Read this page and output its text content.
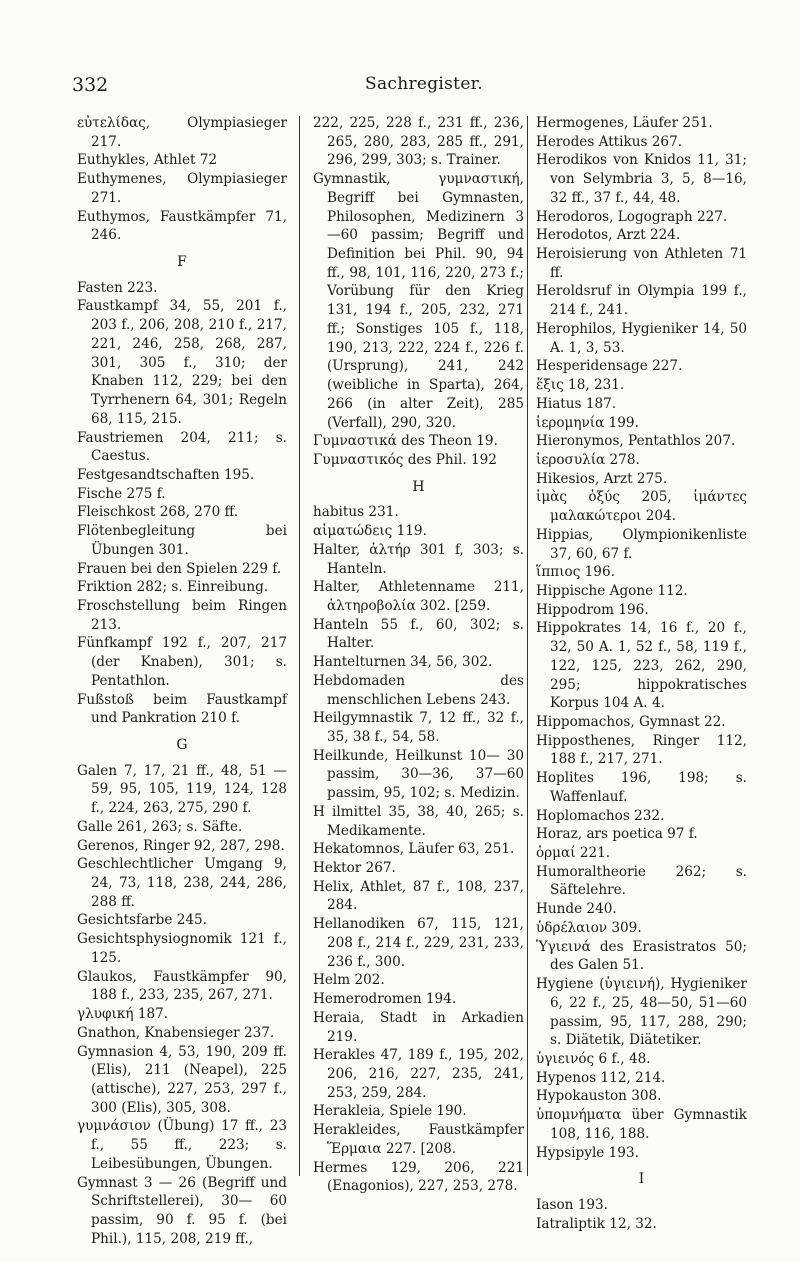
332	Sachregister.
εὐτελίδας, Olympiasieger 217.
Euthykles, Athlet 72
Euthymenes, Olympiasieger 271.
Euthymos, Faustkämpfer 71, 246.
F
Fasten 223.
Faustkampf 34, 55, 201 f., 203 f., 206, 208, 210 f., 217, 221, 246, 258, 268, 287, 301, 305 f., 310; der Knaben 112, 229; bei den Tyrrhenern 64, 301; Regeln 68, 115, 215.
Faustriemen 204, 211; s. Caestus.
Festgesandtschaften 195.
Fische 275 f.
Fleischkost 268, 270 ff.
Flötenbegleitung bei Übungen 301.
Frauen bei den Spielen 229 f.
Friktion 282; s. Einreibung.
Froschstellung beim Ringen 213.
Fünfkampf 192 f., 207, 217 (der Knaben), 301; s. Pentathlon.
Fußstoß beim Faustkampf und Pankration 210 f.
G
Galen 7, 17, 21 ff., 48, 51 —59, 95, 105, 119, 124, 128 f., 224, 263, 275, 290 f.
Galle 261, 263; s. Säfte.
Gerenos, Ringer 92, 287, 298.
Geschlechtlicher Umgang 9, 24, 73, 118, 238, 244, 286, 288 ff.
Gesichtsfarbe 245.
Gesichtsphysiognomik 121 f., 125.
Glaukos, Faustkämpfer 90, 188 f., 233, 235, 267, 271.
γλυφική 187.
Gnathon, Knabensieger 237.
Gymnasion 4, 53, 190, 209 ff. (Elis), 211 (Neapel), 225 (attische), 227, 253, 297 f., 300 (Elis), 305, 308.
γυμνάσιον (Übung) 17 ff., 23 f., 55 ff., 223; s. Leibesübungen, Übungen.
Gymnast 3 — 26 (Begriff und Schriftstellerei), 30— 60 passim, 90 f. 95 f. (bei Phil.), 115, 208, 219 ff.,
222, 225, 228 f., 231 ff., 236, 265, 280, 283, 285 ff., 291, 296, 299, 303; s. Trainer.
Gymnastik, γυμναστική, Begriff bei Gymnasten, Philosophen, Medizinern 3 —60 passim; Begriff und Definition bei Phil. 90, 94 ff., 98, 101, 116, 220, 273 f.; Vorübung für den Krieg 131, 194 f., 205, 232, 271 ff.; Sonstiges 105 f., 118, 190, 213, 222, 224 f., 226 f. (Ursprung), 241, 242 (weibliche in Sparta), 264, 266 (in alter Zeit), 285 (Verfall), 290, 320.
Γυμναστικά des Theon 19.
Γυμναστικός des Phil. 192
H
habitus 231.
αἱματώδεις 119.
Halter, ἁλτήρ 301 f, 303; s. Hanteln.
Halter, Athletenname 211, ἁλτηροβολία 302. [259.
Hanteln 55 f., 60, 302; s. Halter.
Hantelturnen 34, 56, 302.
Hebdomaden des menschlichen Lebens 243.
Heilgymnastik 7, 12 ff., 32 f., 35, 38 f., 54, 58.
Heilkunde, Heilkunst 10— 30 passim, 30—36, 37—60 passim, 95, 102; s. Medizin.
H ilmittel 35, 38, 40, 265; s. Medikamente.
Hekatomnos, Läufer 63, 251.
Hektor 267.
Helix, Athlet, 87 f., 108, 237, 284.
Hellanodiken 67, 115, 121, 208 f., 214 f., 229, 231, 233, 236 f., 300.
Helm 202.
Hemerodromen 194.
Heraia, Stadt in Arkadien 219.
Herakles 47, 189 f., 195, 202, 206, 216, 227, 235, 241, 253, 259, 284.
Herakleia, Spiele 190.
Herakleides, Faustkämpfer Ἕρμαια 227. [208.
Hermes 129, 206, 221 (Enagonios), 227, 253, 278.
Hermogenes, Läufer 251.
Herodes Attikus 267.
Herodikos von Knidos 11, 31; von Selymbria 3, 5, 8—16, 32 ff., 37 f., 44, 48.
Herodoros, Logograph 227.
Herodotos, Arzt 224.
Heroisierung von Athleten 71 ff.
Heroldsruf in Olympia 199 f., 214 f., 241.
Herophilos, Hygieniker 14, 50 A. 1, 3, 53.
Hesperidensage 227.
ἕξις 18, 231.
Hiatus 187.
ἱερομηνία 199.
Hieronymos, Pentathlos 207.
ἱεροσυλία 278.
Hikesios, Arzt 275.
ἱμὰς ὀξύς 205, ἱμάντες μαλακώτεροι 204.
Hippias, Olympionikenliste 37, 60, 67 f.
ἵππιος 196.
Hippische Agone 112.
Hippodrom 196.
Hippokrates 14, 16 f., 20 f., 32, 50 A. 1, 52 f., 58, 119 f., 122, 125, 223, 262, 290, 295; hippokratisches Korpus 104 A. 4.
Hippomachos, Gymnast 22.
Hipposthenes, Ringer 112, 188 f., 217, 271.
Hoplites 196, 198; s. Waffenlauf.
Hoplomachos 232.
Horaz, ars poetica 97 f.
ὁρμαί 221.
Humoraltheorie 262; s. Säftelehre.
Hunde 240.
ὑδρέλαιον 309.
Ὑγιεινά des Erasistratos 50; des Galen 51.
Hygiene (ὑγιεινή), Hygieniker 6, 22 f., 25, 48—50, 51—60 passim, 95, 117, 288, 290; s. Diätetik, Diätetiker.
ὑγιεινός 6 f., 48.
Hypenos 112, 214.
Hypokauston 308.
ὑπομνήματα über Gymnastik 108, 116, 188.
Hypsipyle 193.
I
Iason 193.
Iatraliptik 12, 32.
